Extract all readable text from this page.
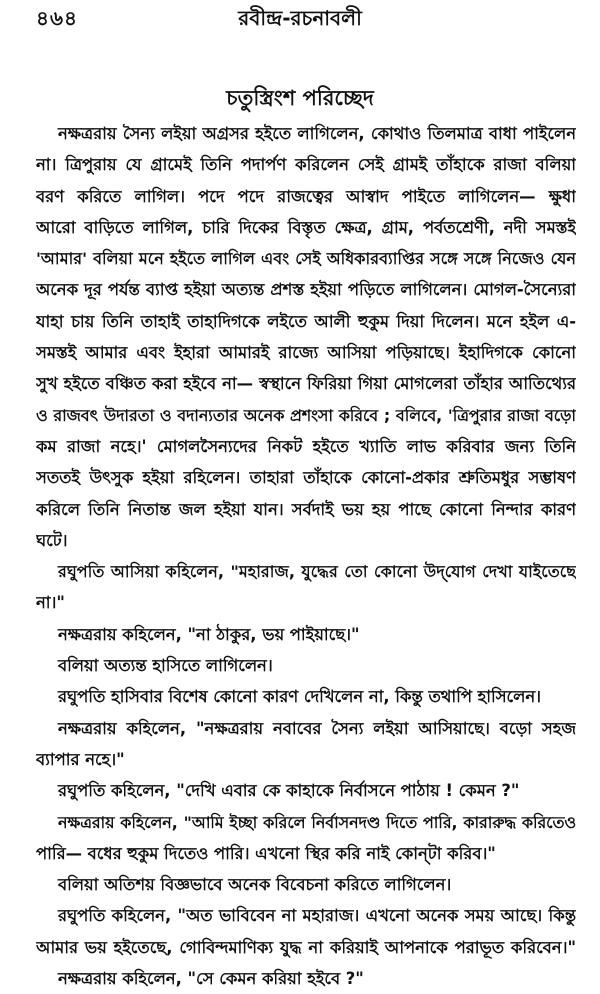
৪৬৪	রবীন্দ্র-রচনাবলী
চতুস্ত্রিংশ পরিচ্ছেদ
নক্ষত্ররায় সৈন্য লইয়া অগ্রসর হইতে লাগিলেন, কোথাও তিলমাত্র বাধা পাইলেন
না। ত্রিপুরায় যে গ্রামেই তিনি পদার্পণ করিলেন সেই গ্রামই তাঁহাকে রাজা বলিয়া
বরণ করিতে লাগিল। পদে পদে রাজত্বের আস্বাদ পাইতে লাগিলেন— ক্ষুধা
আরো বাড়িতে লাগিল, চারি দিকের বিস্তৃত ক্ষেত্র, গ্রাম, পর্বতশ্রেণী, নদী সমস্তই
'আমার' বলিয়া মনে হইতে লাগিল এবং সেই অধিকারব্যাপ্তির সঙ্গে সঙ্গে নিজেও যেন
অনেক দূর পর্যন্ত ব্যাপ্ত হইয়া অত্যন্ত প্রশস্ত হইয়া পড়িতে লাগিলেন। মোগল-সৈন্যেরা
যাহা চায় তিনি তাহাই তাহাদিগকে লইতে আলী হুকুম দিয়া দিলেন। মনে হইল এ-
সমস্তই আমার এবং ইহারা আমারই রাজ্যে আসিয়া পড়িয়াছে। ইহাদিগকে কোনো
সুখ হইতে বঞ্চিত করা হইবে না— স্বস্থানে ফিরিয়া গিয়া মোগলেরা তাঁহার আতিথ্যের
ও রাজবৎ উদারতা ও বদান্যতার অনেক প্রশংসা করিবে ; বলিবে, 'ত্রিপুরার রাজা বড়ো
কম রাজা নহে।' মোগলসৈন্যদের নিকট হইতে খ্যাতি লাভ করিবার জন্য তিনি
সততই উৎসুক হইয়া রহিলেন। তাহারা তাঁহাকে কোনো-প্রকার শ্রুতিমধুর সম্ভাষণ
করিলে তিনি নিতান্ত জল হইয়া যান। সর্বদাই ভয় হয় পাছে কোনো নিন্দার কারণ
ঘটে।
রঘুপতি আসিয়া কহিলেন, "মহারাজ, যুদ্ধের তো কোনো উদ্‌যোগ দেখা যাইতেছে
না।"
নক্ষত্ররায় কহিলেন, "না ঠাকুর, ভয় পাইয়াছে।"
বলিয়া অত্যন্ত হাসিতে লাগিলেন।
রঘুপতি হাসিবার বিশেষ কোনো কারণ দেখিলেন না, কিন্তু তথাপি হাসিলেন।
নক্ষত্ররায় কহিলেন, "নক্ষত্ররায় নবাবের সৈন্য লইয়া আসিয়াছে। বড়ো সহজ
ব্যাপার নহে।"
রঘুপতি কহিলেন, "দেখি এবার কে কাহাকে নির্বাসনে পাঠায় ! কেমন ?"
নক্ষত্ররায় কহিলেন, "আমি ইচ্ছা করিলে নির্বাসনদণ্ড দিতে পারি, কারারুদ্ধ করিতেও
পারি— বধের হুকুম দিতেও পারি। এখনো স্থির করি নাই কোন্‌টা করিব।"
বলিয়া অতিশয় বিজ্ঞভাবে অনেক বিবেচনা করিতে লাগিলেন।
রঘুপতি কহিলেন, "অত ভাবিবেন না মহারাজ। এখনো অনেক সময় আছে। কিন্তু
আমার ভয় হইতেছে, গোবিন্দমাণিক্য যুদ্ধ না করিয়াই আপনাকে পরাভূত করিবেন।"
নক্ষত্ররায় কহিলেন, "সে কেমন করিয়া হইবে ?"
